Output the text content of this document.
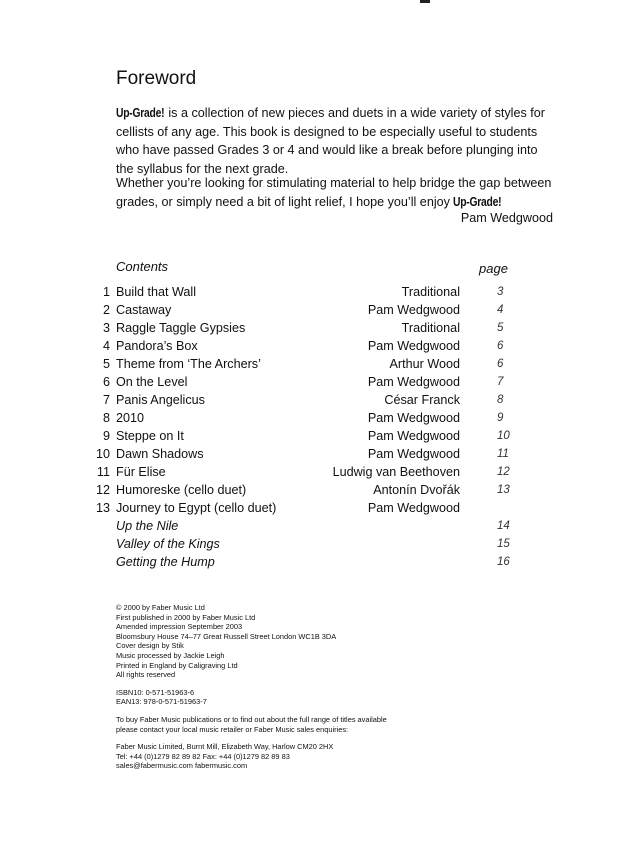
Foreword

Up-Grade! is a collection of new pieces and duets in a wide variety of styles for cellists of any age. This book is designed to be especially useful to students who have passed Grades 3 or 4 and would like a break before plunging into the syllabus for the next grade.

Whether you’re looking for stimulating material to help bridge the gap between grades, or simply need a bit of light relief, I hope you’ll enjoy Up-Grade!

Pam Wedgwood
Contents	page
1 Build that Wall	Traditional	3
2 Castaway	Pam Wedgwood	4
3 Raggle Taggle Gypsies	Traditional	5
4 Pandora’s Box	Pam Wedgwood	6
5 Theme from ‘The Archers’	Arthur Wood	6
6 On the Level	Pam Wedgwood	7
7 Panis Angelicus	César Franck	8
8 2010	Pam Wedgwood	9
9 Steppe on It	Pam Wedgwood	10
10 Dawn Shadows	Pam Wedgwood	11
11 Für Elise	Ludwig van Beethoven	12
12 Humoreske (cello duet)	Antonín Dvořák	13
13 Journey to Egypt (cello duet)	Pam Wedgwood
Up the Nile	14
Valley of the Kings	15
Getting the Hump	16
© 2000 by Faber Music Ltd
First published in 2000 by Faber Music Ltd
Amended impression September 2003
Bloomsbury House 74–77 Great Russell Street London WC1B 3DA
Cover design by Stik
Music processed by Jackie Leigh
Printed in England by Caligraving Ltd
All rights reserved
ISBN10: 0-571-51963-6
EAN13: 978-0-571-51963-7
To buy Faber Music publications or to find out about the full range of titles available
please contact your local music retailer or Faber Music sales enquiries:
Faber Music Limited, Burnt Mill, Elizabeth Way, Harlow CM20 2HX
Tel: +44 (0)1279 82 89 82 Fax: +44 (0)1279 82 89 83
sales@fabermusic.com fabermusic.com
